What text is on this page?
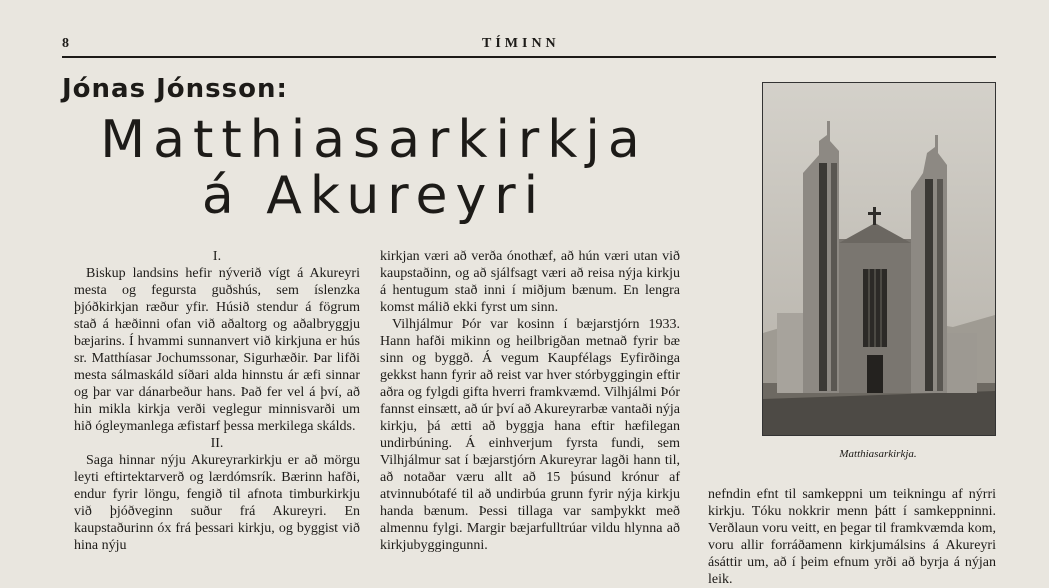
8	TÍMINN
Jónas Jónsson:
Matthiasarkirkja
á Akureyri
Matthiasarkirkja.

I.

Biskup landsins hefir nýverið vígt á Akureyri mesta og fegursta guðshús, sem íslenzka þjóðkirkjan ræður yfir. Húsið stendur á fögrum stað á hæðinni ofan við aðaltorg og aðalbryggju bæjarins. Í hvammi sunnanvert við kirkjuna er hús sr. Matthíasar Jochumssonar, Sigurhæðir. Þar lifði mesta sálmaskáld síðari alda hinnstu ár æfi sinnar og þar var dánarbeður hans. Það fer vel á því, að hin mikla kirkja verði veglegur minnisvarði um hið ógleymanlega æfistarf þessa merkilega skálds.

II.

Saga hinnar nýju Akureyrarkirkju er að mörgu leyti eftirtektarverð og lærdómsrík. Bærinn hafði, endur fyrir löngu, fengið til afnota timburkirkju við þjóðveginn suður frá Akureyri. En kaupstaðurinn óx frá þessari kirkju, og byggist við hina nýju

kirkjan væri að verða ónothæf, að hún væri utan við kaupstaðinn, og að sjálfsagt væri að reisa nýja kirkju á hentugum stað inni í miðjum bænum. En lengra komst málið ekki fyrst um sinn.

Vilhjálmur Þór var kosinn í bæjarstjórn 1933. Hann hafði mikinn og heilbrigðan metnað fyrir bæ sinn og byggð. Á vegum Kaupfélags Eyfirðinga gekkst hann fyrir að reist var hver stórbyggingin eftir aðra og fylgdi gifta hverri framkvæmd. Vilhjálmi Þór fannst einsætt, að úr því að Akureyrarbæ vantaði nýja kirkju, þá ætti að byggja hana eftir hæfilegan undirbúning. Á einhverjum fyrsta fundi, sem Vilhjálmur sat í bæjarstjórn Akureyrar lagði hann til, að notaðar væru allt að 15 þúsund krónur af atvinnubótafé til að undirbúa grunn fyrir nýja kirkju handa bænum. Þessi tillaga var samþykkt með almennu fylgi. Margir bæjarfulltrúar vildu hlynna að kirkjubyggingunni.

nefndin efnt til samkeppni um teikningu af nýrri kirkju. Tóku nokkrir menn þátt í samkeppninni. Verðlaun voru veitt, en þegar til framkvæmda kom, voru allir forráðamenn kirkjumálsins á Akureyri ásáttir um, að í þeim efnum yrði að byrja á nýjan leik.
